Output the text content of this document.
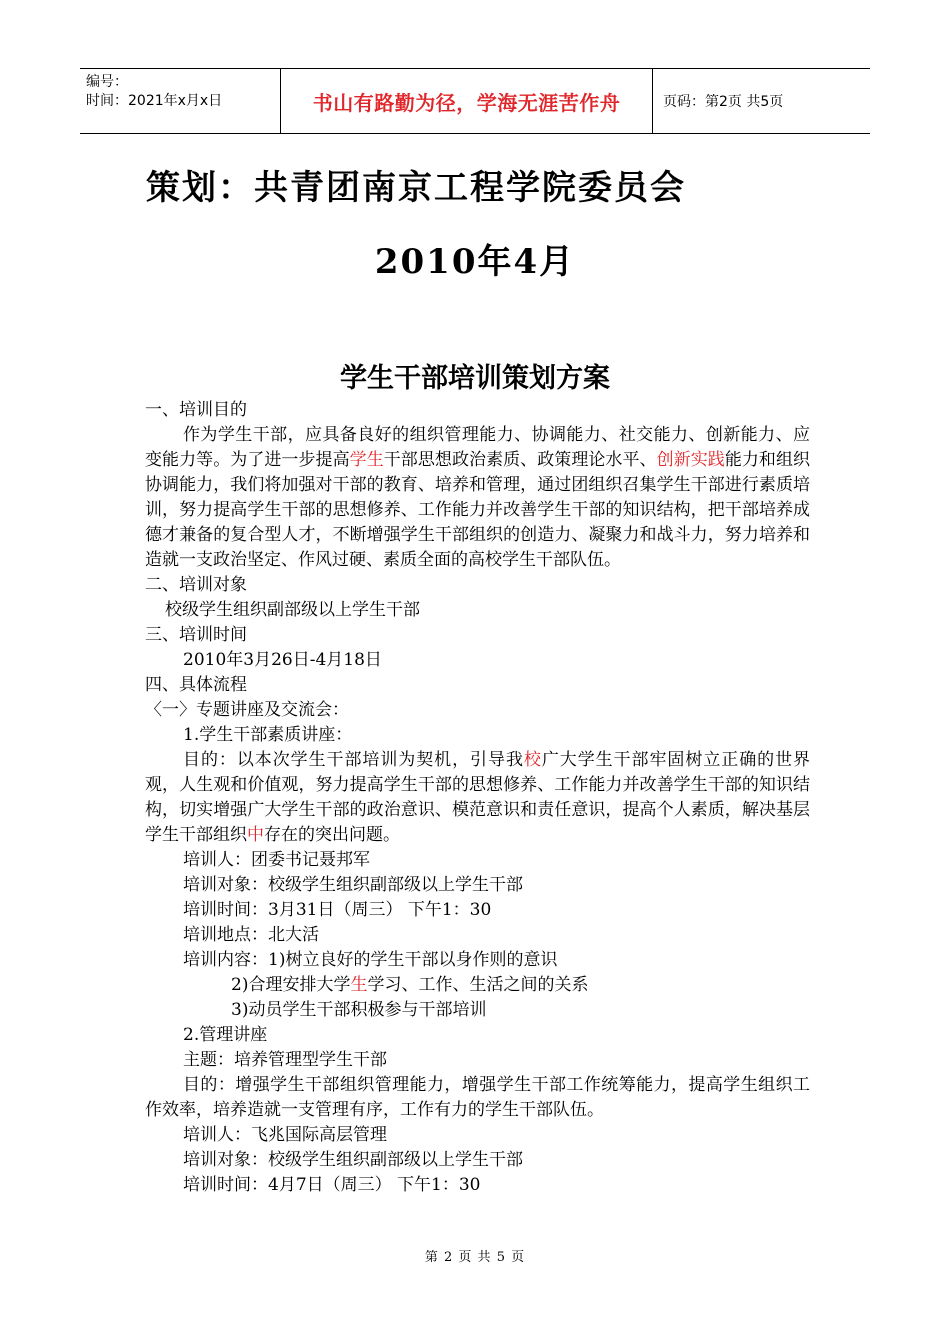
编号：
时间：2021年x月x日	书山有路勤为径，学海无涯苦作舟	页码：第2页 共5页
策划：共青团南京工程学院委员会
2010年4月
学生干部培训策划方案

一、培训目的

作为学生干部，应具备良好的组织管理能力、协调能力、社交能力、创新能力、应变能力等。为了进一步提高学生干部思想政治素质、政策理论水平、创新实践能力和组织协调能力，我们将加强对干部的教育、培养和管理，通过团组织召集学生干部进行素质培训，努力提高学生干部的思想修养、工作能力并改善学生干部的知识结构，把干部培养成德才兼备的复合型人才，不断增强学生干部组织的创造力、凝聚力和战斗力，努力培养和造就一支政治坚定、作风过硬、素质全面的高校学生干部队伍。

二、培训对象

校级学生组织副部级以上学生干部

三、培训时间

2010年3月26日-4月18日

四、具体流程

〈一〉专题讲座及交流会：

1.学生干部素质讲座：

目的：以本次学生干部培训为契机，引导我校广大学生干部牢固树立正确的世界观，人生观和价值观，努力提高学生干部的思想修养、工作能力并改善学生干部的知识结构，切实增强广大学生干部的政治意识、模范意识和责任意识，提高个人素质，解决基层学生干部组织中存在的突出问题。

培训人：团委书记聂邦军

培训对象：校级学生组织副部级以上学生干部

培训时间：3月31日（周三） 下午1：30

培训地点：北大活

培训内容：1)树立良好的学生干部以身作则的意识

2)合理安排大学生学习、工作、生活之间的关系

3)动员学生干部积极参与干部培训

2.管理讲座

主题：培养管理型学生干部

目的：增强学生干部组织管理能力，增强学生干部工作统筹能力，提高学生组织工作效率，培养造就一支管理有序，工作有力的学生干部队伍。

培训人：飞兆国际高层管理

培训对象：校级学生组织副部级以上学生干部

培训时间：4月7日（周三） 下午1：30

第 2 页 共 5 页
